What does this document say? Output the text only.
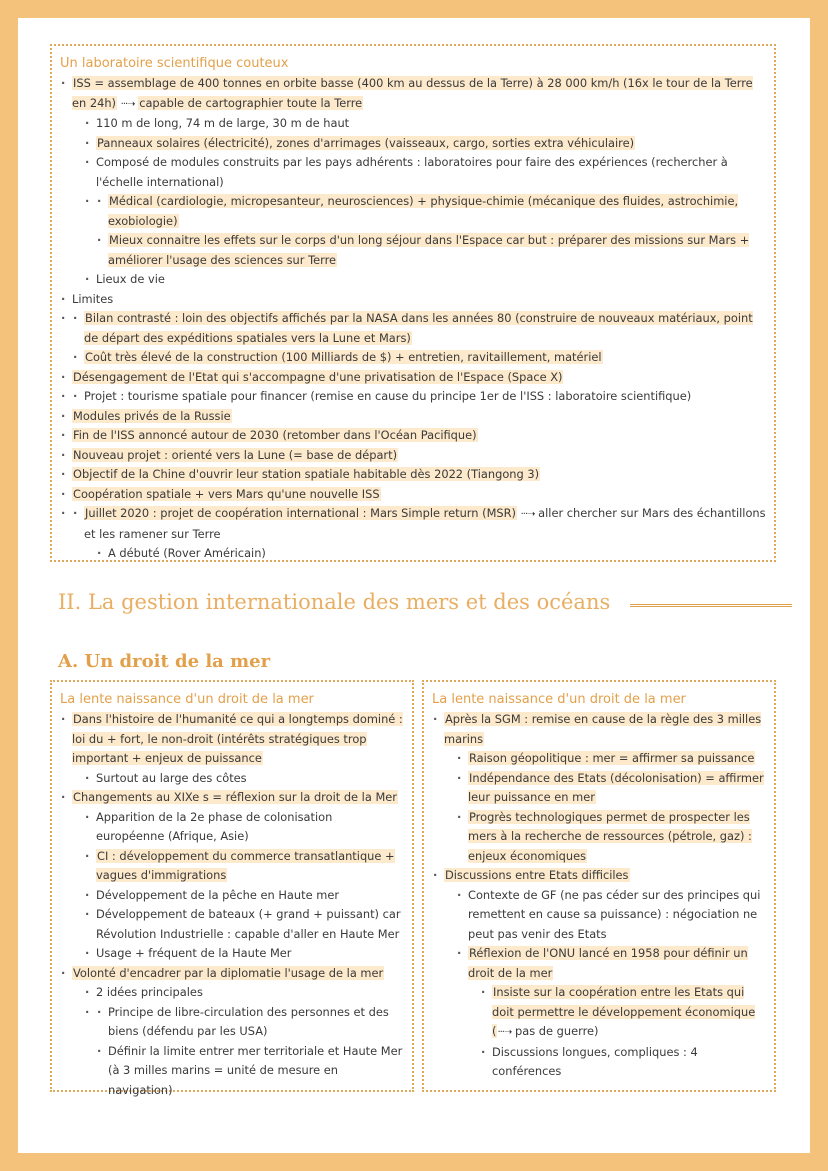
Un laboratoire scientifique couteux
· ISS = assemblage de 400 tonnes en orbite basse (400 km au dessus de la Terre) à 28 000 km/h (16x le tour de la Terre en 24h) ···➝ capable de cartographier toute la Terre
· 110 m de long, 74 m de large, 30 m de haut
· Panneaux solaires (électricité), zones d'arrimages (vaisseaux, cargo, sorties extra véhiculaire)
· Composé de modules construits par les pays adhérents : laboratoires pour faire des expériences (rechercher à l'échelle international)
· · Médical (cardiologie, micropesanteur, neurosciences) + physique-chimie (mécanique des fluides, astrochimie, exobiologie)
· Mieux connaitre les effets sur le corps d'un long séjour dans l'Espace car but : préparer des missions sur Mars + améliorer l'usage des sciences sur Terre
· Lieux de vie
· Limites
· · Bilan contrasté : loin des objectifs affichés par la NASA dans les années 80 (construire de nouveaux matériaux, point de départ des expéditions spatiales vers la Lune et Mars)
· Coût très élevé de la construction (100 Milliards de $) + entretien, ravitaillement, matériel
· Désengagement de l'Etat qui s'accompagne d'une privatisation de l'Espace (Space X)
· · Projet : tourisme spatiale pour financer (remise en cause du principe 1er de l'ISS : laboratoire scientifique)
· Modules privés de la Russie
· Fin de l'ISS annoncé autour de 2030 (retomber dans l'Océan Pacifique)
· Nouveau projet : orienté vers la Lune (= base de départ)
· Objectif de la Chine d'ouvrir leur station spatiale habitable dès 2022 (Tiangong 3)
· Coopération spatiale + vers Mars qu'une nouvelle ISS
· · Juillet 2020 : projet de coopération international : Mars Simple return (MSR) ···➝ aller chercher sur Mars des échantillons et les ramener sur Terre
· A débuté (Rover Américain)
II. La gestion internationale des mers et des océans
A. Un droit de la mer
La lente naissance d'un droit de la mer
· Dans l'histoire de l'humanité ce qui a longtemps dominé : loi du + fort, le non-droit (intérêts stratégiques trop important + enjeux de puissance
· Surtout au large des côtes
· Changements au XIXe s = réflexion sur la droit de la Mer
· Apparition de la 2e phase de colonisation européenne (Afrique, Asie)
· CI : développement du commerce transatlantique + vagues d'immigrations
· Développement de la pêche en Haute mer
· Développement de bateaux (+ grand + puissant) car Révolution Industrielle : capable d'aller en Haute Mer
· Usage + fréquent de la Haute Mer
· Volonté d'encadrer par la diplomatie l'usage de la mer
· 2 idées principales
· · Principe de libre-circulation des personnes et des biens (défendu par les USA)
· Définir la limite entrer mer territoriale et Haute Mer (à 3 milles marins = unité de mesure en navigation)
La lente naissance d'un droit de la mer
· Après la SGM : remise en cause de la règle des 3 milles marins
· Raison géopolitique : mer = affirmer sa puissance
· Indépendance des Etats (décolonisation) = affirmer leur puissance en mer
· Progrès technologiques permet de prospecter les mers à la recherche de ressources (pétrole, gaz) : enjeux économiques
· Discussions entre Etats difficiles
· Contexte de GF (ne pas céder sur des principes qui remettent en cause sa puissance) : négociation ne peut pas venir des Etats
· Réflexion de l'ONU lancé en 1958 pour définir un droit de la mer
· Insiste sur la coopération entre les Etats qui doit permettre le développement économique (···➝ pas de guerre)
· Discussions longues, compliques : 4 conférences
